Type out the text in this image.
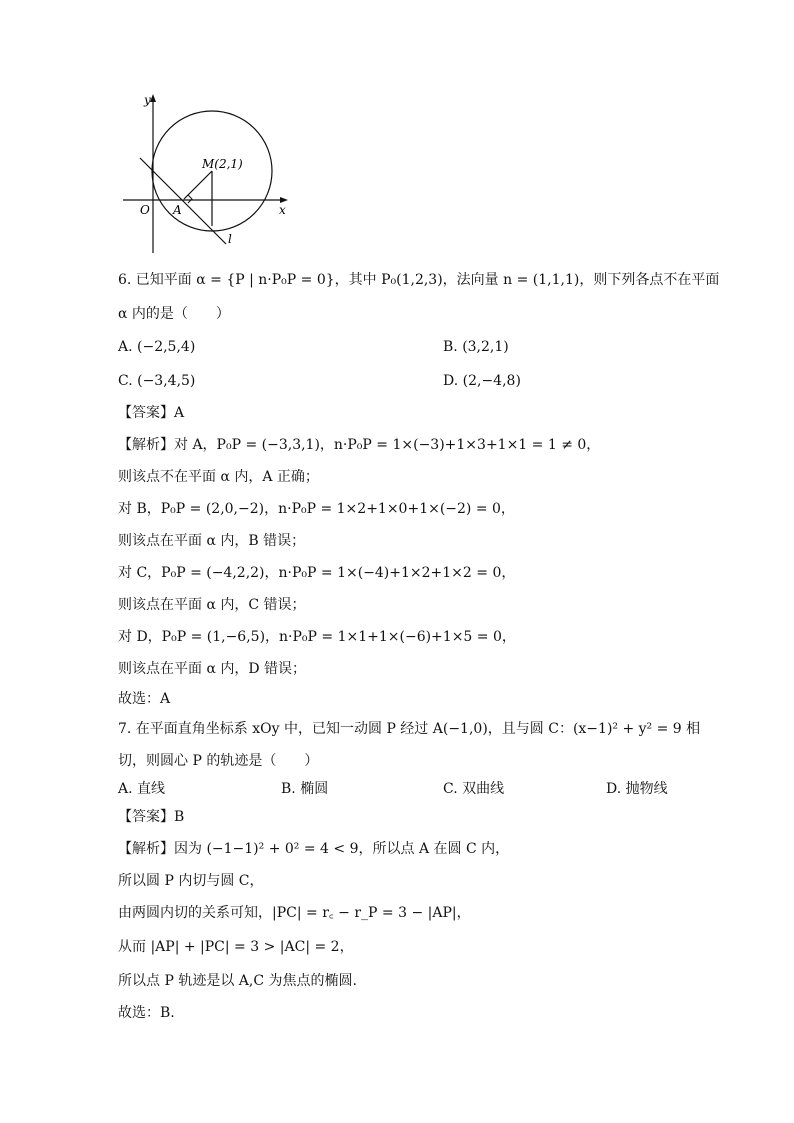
y
x
O A
M(2,1)
l
6. 已知平面 α = {P | n·P₀P = 0}，其中 P₀(1,2,3)，法向量 n = (1,1,1)，则下列各点不在平面
α 内的是（　　）
A. (−2,5,4)	B. (3,2,1)
C. (−3,4,5)	D. (2,−4,8)
【答案】A
【解析】对 A，P₀P = (−3,3,1)，n·P₀P = 1×(−3)+1×3+1×1 = 1 ≠ 0，
则该点不在平面 α 内，A 正确；
对 B，P₀P = (2,0,−2)，n·P₀P = 1×2+1×0+1×(−2) = 0，
则该点在平面 α 内，B 错误；
对 C，P₀P = (−4,2,2)，n·P₀P = 1×(−4)+1×2+1×2 = 0，
则该点在平面 α 内，C 错误；
对 D，P₀P = (1,−6,5)，n·P₀P = 1×1+1×(−6)+1×5 = 0，
则该点在平面 α 内，D 错误；
故选：A
7. 在平面直角坐标系 xOy 中，已知一动圆 P 经过 A(−1,0)，且与圆 C：(x−1)² + y² = 9 相
切，则圆心 P 的轨迹是（　　）
A. 直线	B. 椭圆	C. 双曲线	D. 抛物线
【答案】B
【解析】因为 (−1−1)² + 0² = 4 < 9，所以点 A 在圆 C 内，
所以圆 P 内切与圆 C，
由两圆内切的关系可知，|PC| = r꜀ − r_P = 3 − |AP|，
从而 |AP| + |PC| = 3 > |AC| = 2，
所以点 P 轨迹是以 A,C 为焦点的椭圆.
故选：B.
